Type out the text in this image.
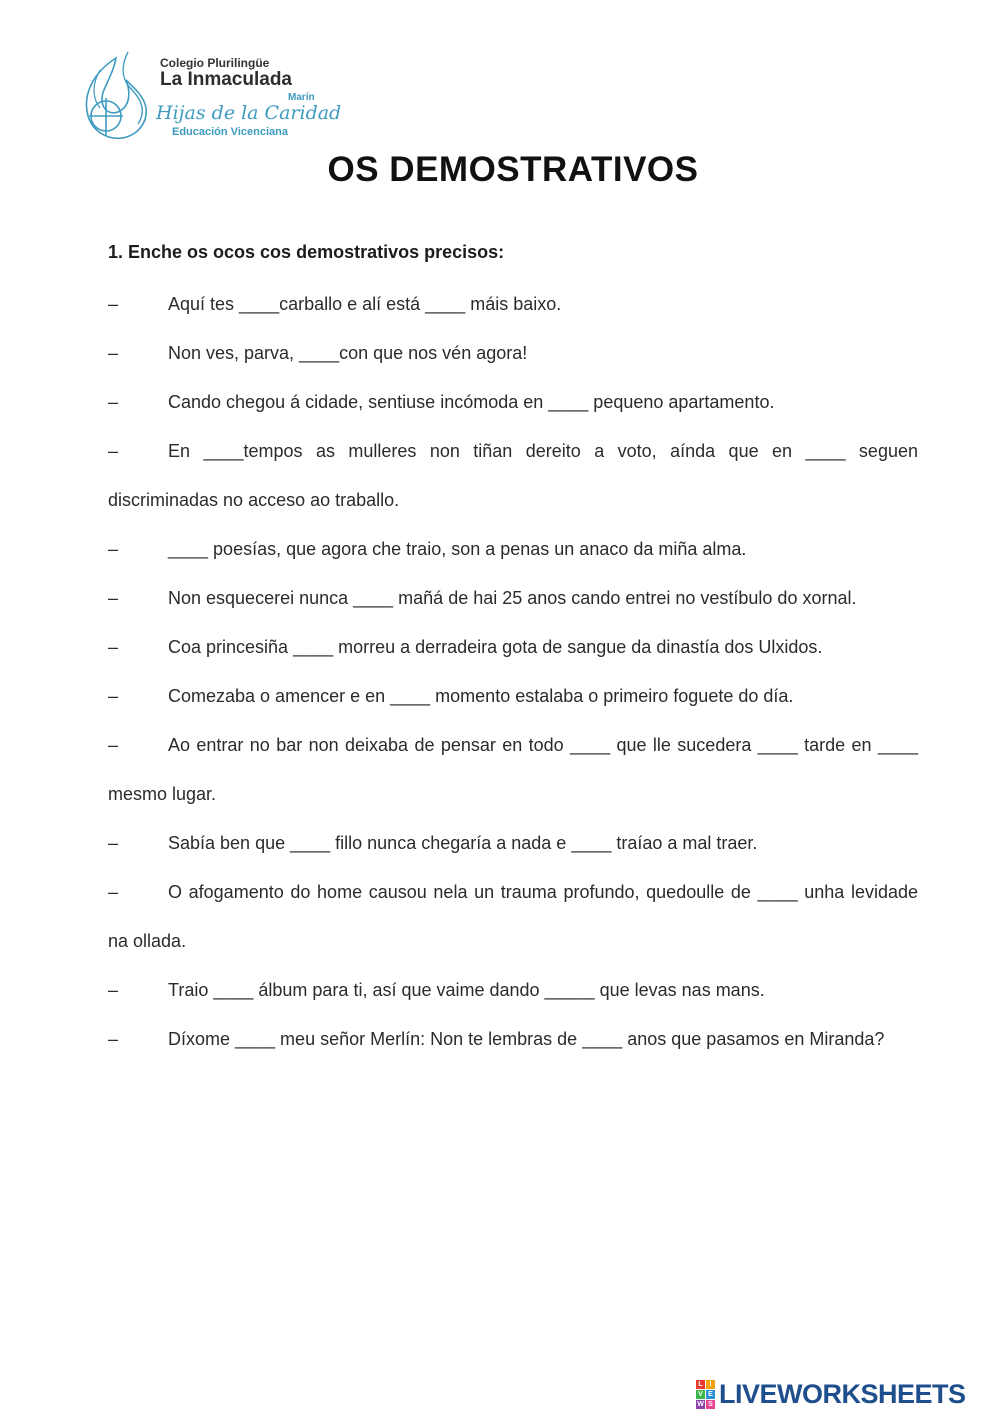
Colegio Plurilingüe
La Inmaculada
Marín
Hijas de la Caridad
Educación Vicenciana
OS DEMOSTRATIVOS
1. Enche os ocos cos demostrativos precisos:

–	Aquí tes ____carballo e alí está ____ máis baixo.

–	Non ves, parva, ____con que nos vén agora!

–	Cando chegou á cidade, sentiuse incómoda en ____ pequeno apartamento.

–	En ____tempos as mulleres non tiñan dereito a voto, aínda que en ____ seguen discriminadas no acceso ao traballo.

–	____ poesías, que agora che traio, son a penas un anaco da miña alma.

–	Non esquecerei nunca ____ mañá de hai 25 anos cando entrei no vestíbulo do xornal.

–	Coa princesiña ____ morreu a derradeira gota de sangue da dinastía dos Ulxidos.

–	Comezaba o amencer e en ____ momento estalaba o primeiro foguete do día.

–	Ao entrar no bar non deixaba de pensar en todo ____ que lle sucedera ____ tarde en ____ mesmo lugar.

–	Sabía ben que ____ fillo nunca chegaría a nada e ____ traíao a mal traer.

–	O afogamento do home causou nela un trauma profundo, quedoulle de ____ unha levidade na ollada.

–	Traio ____ álbum para ti, así que vaime dando _____ que levas nas mans.

–	Díxome ____ meu señor Merlín: Non te lembras de ____ anos que pasamos en Miranda?

L I
V E
W S LIVEWORKSHEETS
